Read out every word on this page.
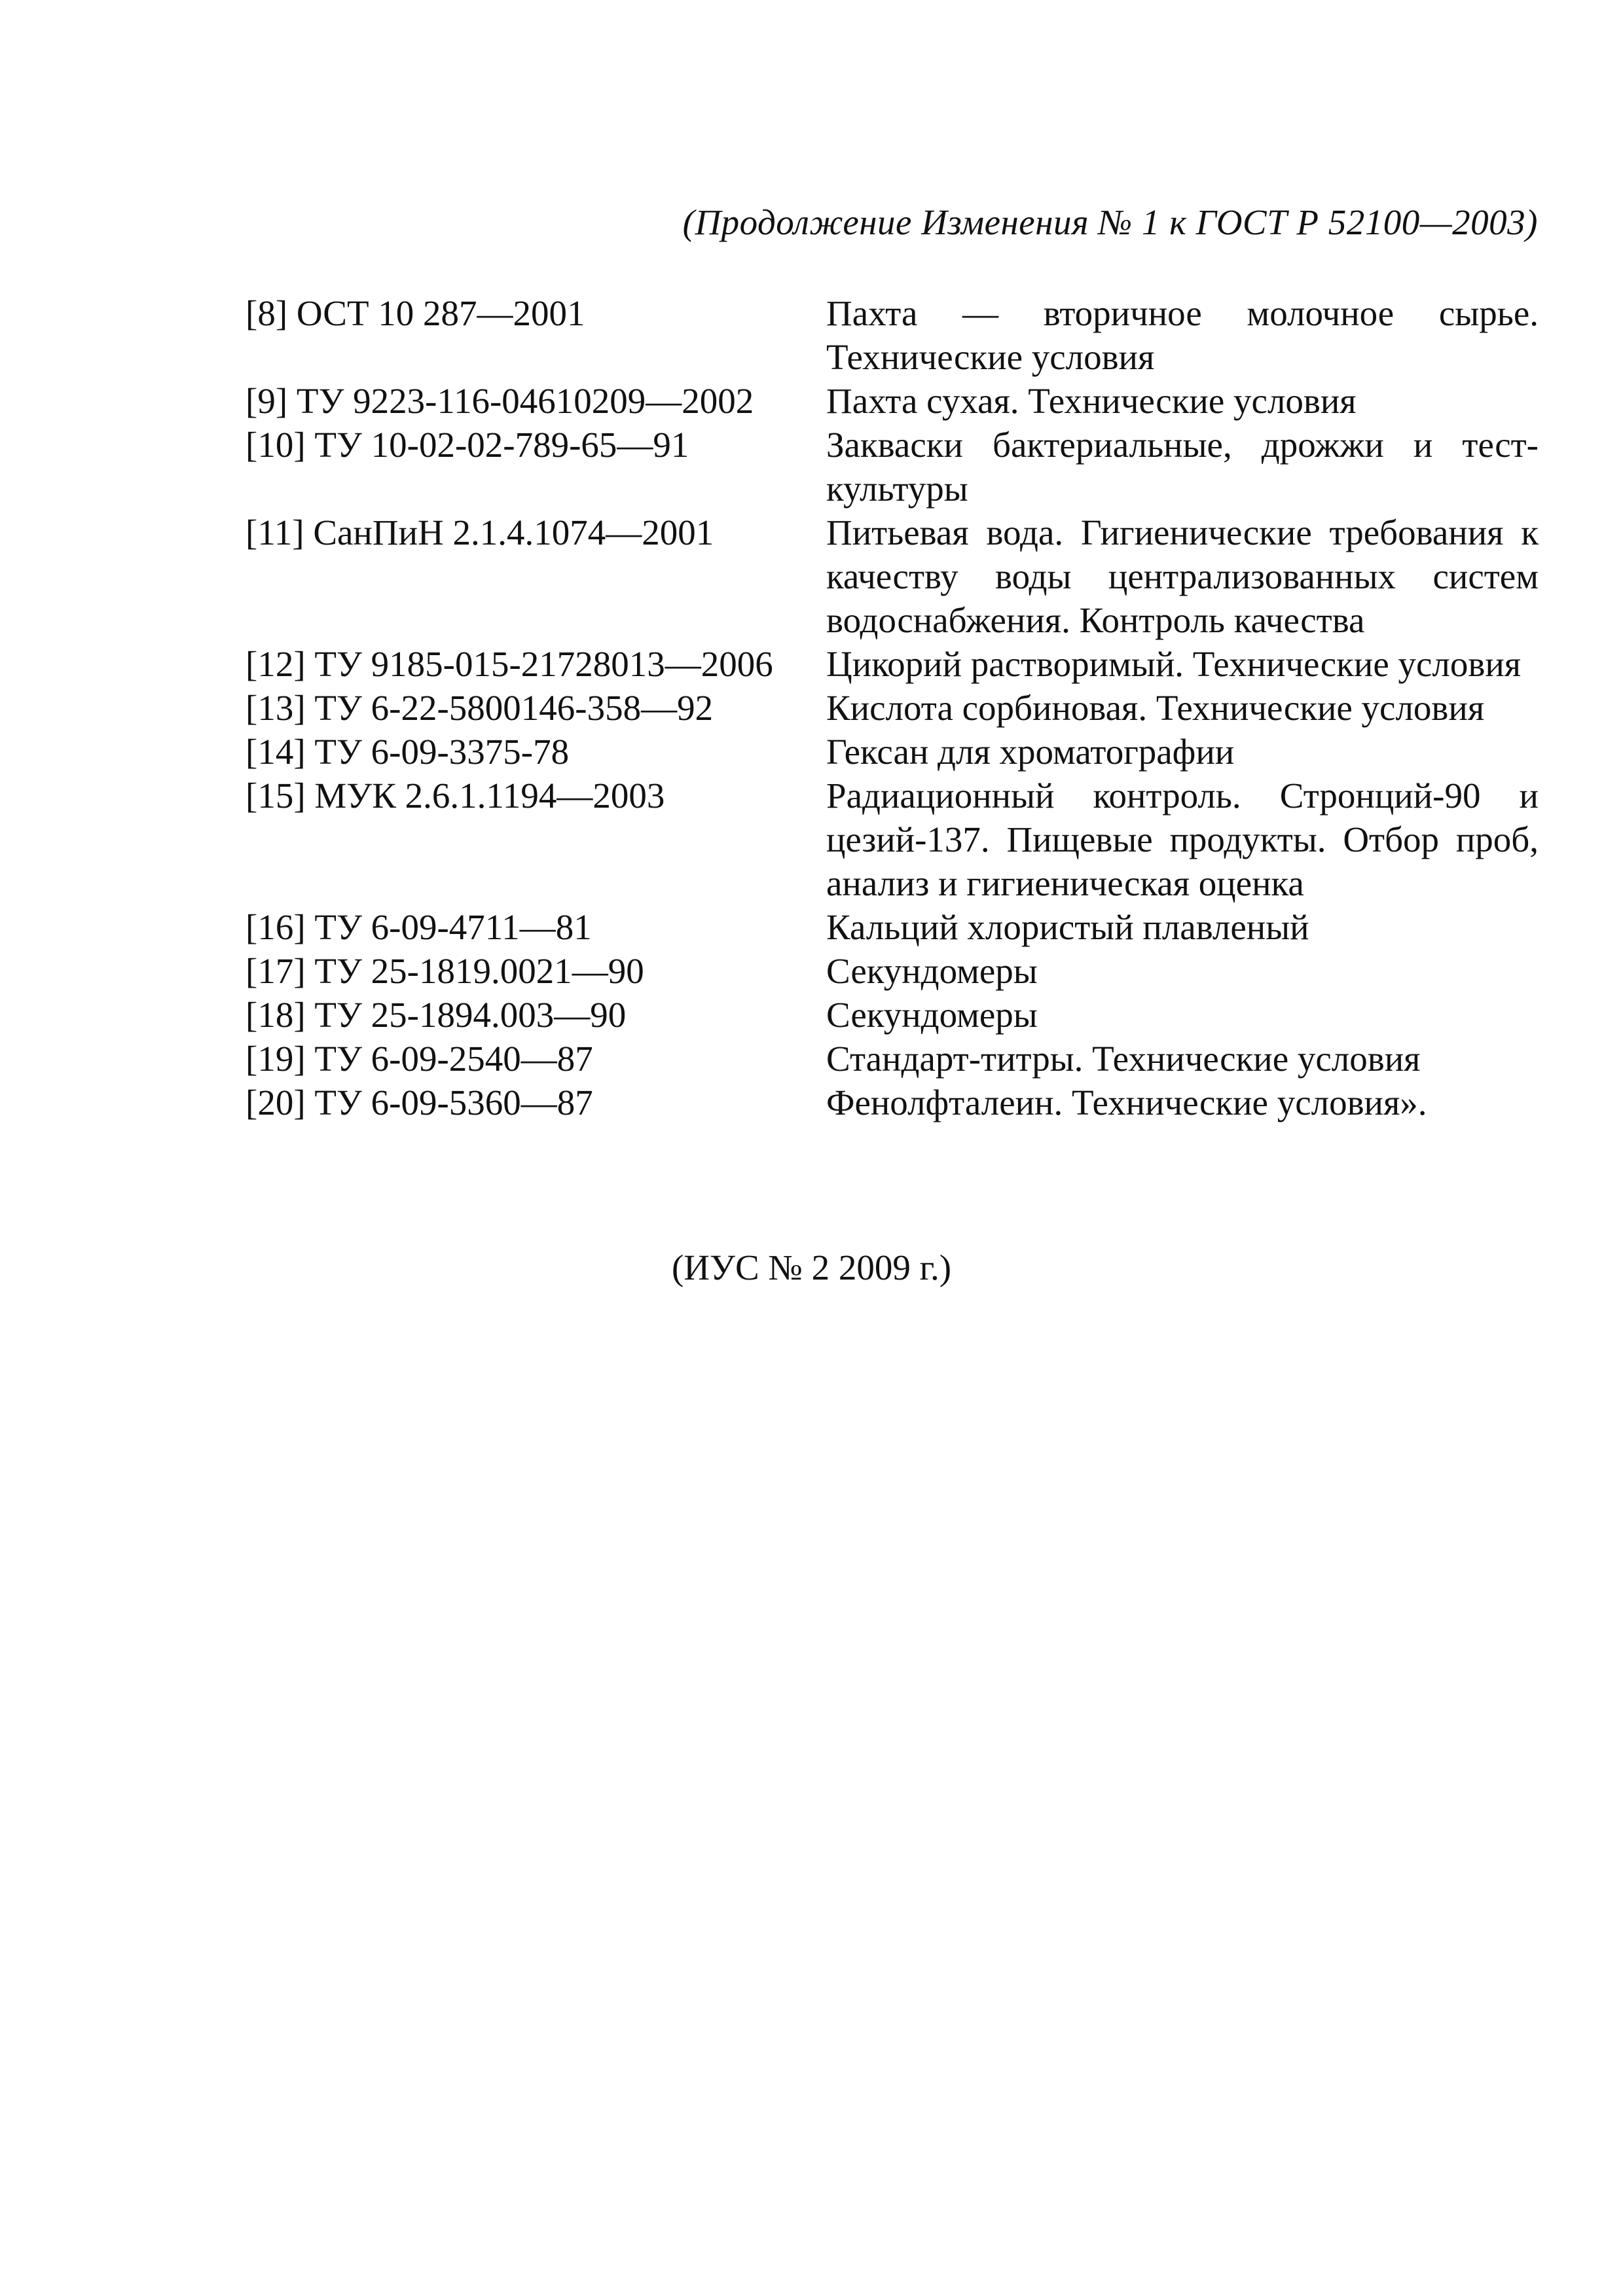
(Продолжение Изменения № 1 к ГОСТ Р 52100—2003)
[8] ОСТ 10 287—2001	Пахта — вторичное молочное сырье. Технические условия
[9] ТУ 9223-116-04610209—2002	Пахта сухая. Технические условия
[10] ТУ 10-02-02-789-65—91	Закваски бактериальные, дрожжи и тест-культуры
[11] СанПиН 2.1.4.1074—2001	Питьевая вода. Гигиенические требования к качеству воды централизованных систем водоснабжения. Контроль качества
[12] ТУ 9185-015-21728013—2006	Цикорий растворимый. Технические условия
[13] ТУ 6-22-5800146-358—92	Кислота сорбиновая. Технические условия
[14] ТУ 6-09-3375-78	Гексан для хроматографии
[15] МУК 2.6.1.1194—2003	Радиационный контроль. Стронций-90 и цезий-137. Пищевые продукты. Отбор проб, анализ и гигиеническая оценка
[16] ТУ 6-09-4711—81	Кальций хлористый плавленый
[17] ТУ 25-1819.0021—90	Секундомеры
[18] ТУ 25-1894.003—90	Секундомеры
[19] ТУ 6-09-2540—87	Стандарт-титры. Технические условия
[20] ТУ 6-09-5360—87	Фенолфталеин. Технические условия».
(ИУС № 2 2009 г.)
